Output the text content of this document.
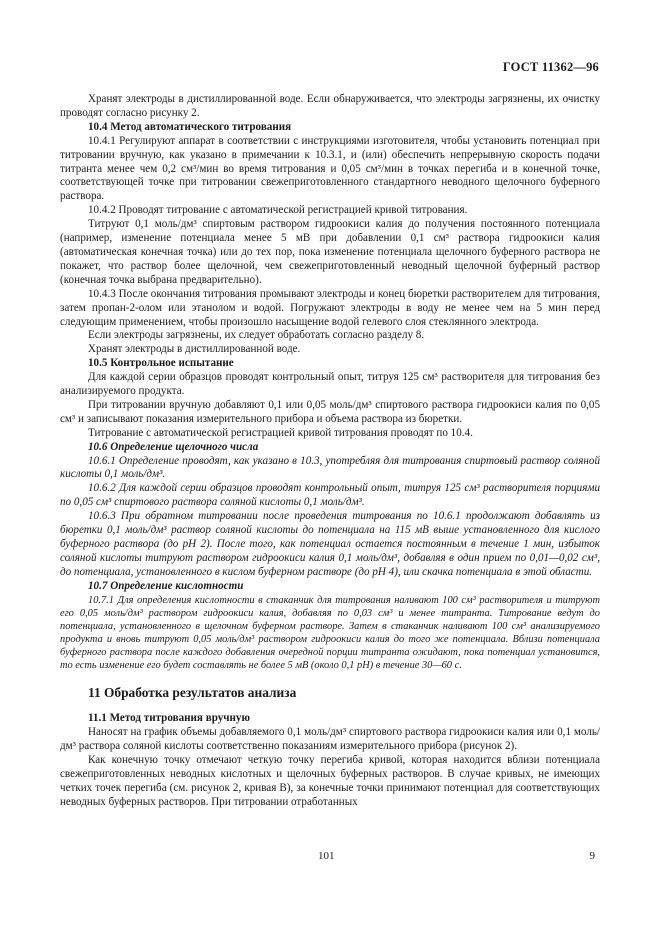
ГОСТ 11362—96

Хранят электроды в дистиллированной воде. Если обнаруживается, что электроды загрязнены, их очистку проводят согласно рисунку 2.

10.4 Метод автоматического титрования

10.4.1 Регулируют аппарат в соответствии с инструкциями изготовителя, чтобы установить потенциал при титровании вручную, как указано в примечании к 10.3.1, и (или) обеспечить непрерывную скорость подачи титранта менее чем 0,2 см³/мин во время титрования и 0,05 см³/мин в точках перегиба и в конечной точке, соответствующей точке при титровании свежеприготовленного стандартного неводного щелочного буферного раствора.

10.4.2 Проводят титрование с автоматической регистрацией кривой титрования.

Титруют 0,1 моль/дм³ спиртовым раствором гидроокиси калия до получения постоянного потенциала (например, изменение потенциала менее 5 мВ при добавлении 0,1 см³ раствора гидроокиси калия (автоматическая конечная точка) или до тех пор, пока изменение потенциала щелочного буферного раствора не покажет, что раствор более щелочной, чем свежеприготовленный неводный щелочной буферный раствор (конечная точка выбрана предварительно).

10.4.3 После окончания титрования промывают электроды и конец бюретки растворителем для титрования, затем пропан-2-олом или этанолом и водой. Погружают электроды в воду не менее чем на 5 мин перед следующим применением, чтобы произошло насыщение водой гелевого слоя стеклянного электрода.

Если электроды загрязнены, их следует обработать согласно разделу 8.

Хранят электроды в дистиллированной воде.

10.5 Контрольное испытание

Для каждой серии образцов проводят контрольный опыт, титруя 125 см³ растворителя для титрования без анализируемого продукта.

При титровании вручную добавляют 0,1 или 0,05 моль/дм³ спиртового раствора гидроокиси калия по 0,05 см³ и записывают показания измерительного прибора и объема раствора из бюретки.

Титрование с автоматической регистрацией кривой титрования проводят по 10.4.

10.6 Определение щелочного числа

10.6.1 Определение проводят, как указано в 10.3, употребляя для титрования спиртовый раствор соляной кислоты 0,1 моль/дм³.

10.6.2 Для каждой серии образцов проводят контрольный опыт, титруя 125 см³ растворителя порциями по 0,05 см³ спиртового раствора соляной кислоты 0,1 моль/дм³.

10.6.3 При обратном титровании после проведения титрования по 10.6.1 продолжают добавлять из бюретки 0,1 моль/дм³ раствор соляной кислоты до потенциала на 115 мВ выше установленного для кислого буферного раствора (до pH 2). После того, как потенциал остается постоянным в течение 1 мин, избыток соляной кислоты титруют раствором гидроокиси калия 0,1 моль/дм³, добавляя в один прием по 0,01—0,02 см³, до потенциала, установленного в кислом буферном растворе (до pH 4), или скачка потенциала в этой области.

10.7 Определение кислотности

10.7.1 Для определения кислотности в стаканчик для титрования наливают 100 см³ растворителя и титруют его 0,05 моль/дм³ раствором гидроокиси калия, добавляя по 0,03 см³ и менее титранта. Титрование ведут до потенциала, установленного в щелочном буферном растворе. Затем в стаканчик наливают 100 см³ анализируемого продукта и вновь титруют 0,05 моль/дм³ раствором гидроокиси калия до того же потенциала. Вблизи потенциала буферного раствора после каждого добавления очередной порции титранта ожидают, пока потенциал установится, то есть изменение его будет составлять не более 5 мВ (около 0,1 pH) в течение 30—60 с.

11 Обработка результатов анализа
11.1 Метод титрования вручную

Наносят на график объемы добавляемого 0,1 моль/дм³ спиртового раствора гидроокиси калия или 0,1 моль/дм³ раствора соляной кислоты соответственно показаниям измерительного прибора (рисунок 2).

Как конечную точку отмечают четкую точку перегиба кривой, которая находится вблизи потенциала свежеприготовленных неводных кислотных и щелочных буферных растворов. В случае кривых, не имеющих четких точек перегиба (см. рисунок 2, кривая B), за конечные точки принимают потенциал для соответствующих неводных буферных растворов. При титровании отработанных

101	9
